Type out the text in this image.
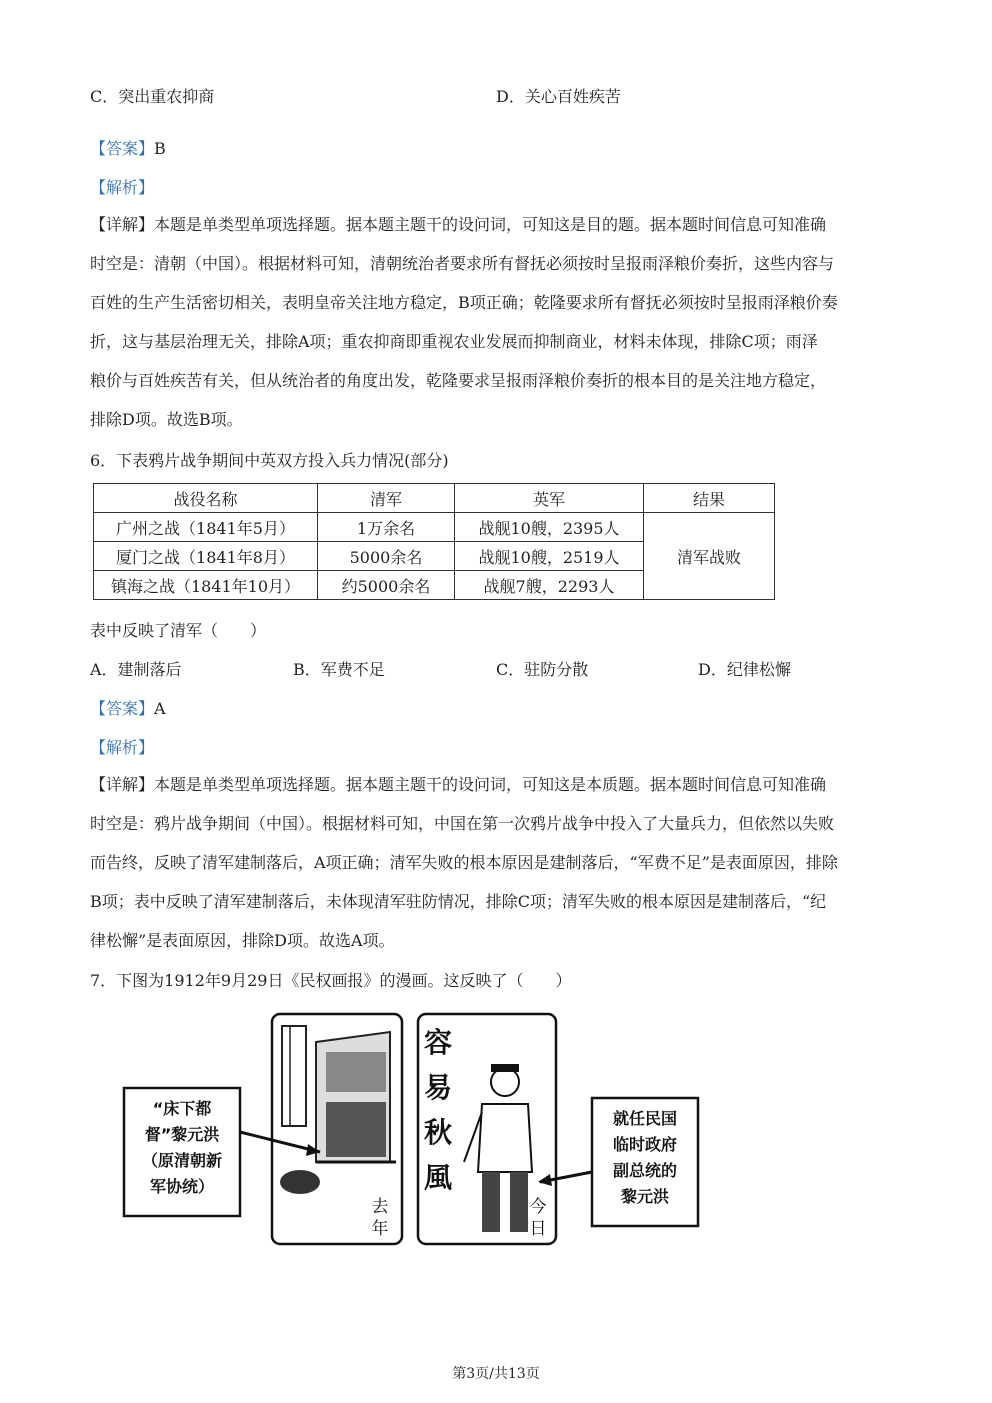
C．突出重农抑商	D．关心百姓疾苦
【答案】B
【解析】
【详解】本题是单类型单项选择题。据本题主题干的设问词，可知这是目的题。据本题时间信息可知准确
时空是：清朝（中国）。根据材料可知，清朝统治者要求所有督抚必须按时呈报雨泽粮价奏折，这些内容与
百姓的生产生活密切相关，表明皇帝关注地方稳定，B项正确；乾隆要求所有督抚必须按时呈报雨泽粮价奏
折，这与基层治理无关，排除A项；重农抑商即重视农业发展而抑制商业，材料未体现，排除C项；雨泽
粮价与百姓疾苦有关，但从统治者的角度出发，乾隆要求呈报雨泽粮价奏折的根本目的是关注地方稳定，
排除D项。故选B项。
6．下表鸦片战争期间中英双方投入兵力情况(部分)
战役名称	清军	英军	结果
广州之战（1841年5月）	1万余名	战舰10艘，2395人	清军战败
厦门之战（1841年8月）	5000余名	战舰10艘，2519人	
镇海之战（1841年10月）	约5000余名	战舰7艘，2293人	
表中反映了清军（　　）
A．建制落后	B．军费不足	C．驻防分散	D．纪律松懈
【答案】A
【解析】
【详解】本题是单类型单项选择题。据本题主题干的设问词，可知这是本质题。据本题时间信息可知准确
时空是：鸦片战争期间（中国）。根据材料可知，中国在第一次鸦片战争中投入了大量兵力，但依然以失败
而告终，反映了清军建制落后，A项正确；清军失败的根本原因是建制落后，“军费不足”是表面原因，排除
B项；表中反映了清军建制落后，未体现清军驻防情况，排除C项；清军失败的根本原因是建制落后，“纪
律松懈”是表面原因，排除D项。故选A项。
7．下图为1912年9月29日《民权画报》的漫画。这反映了（　　）
去
年
容
易
秋
風
今
日
“床下都
督”黎元洪
（原清朝新
军协统）
就任民国
临时政府
副总统的
黎元洪
第3页/共13页
